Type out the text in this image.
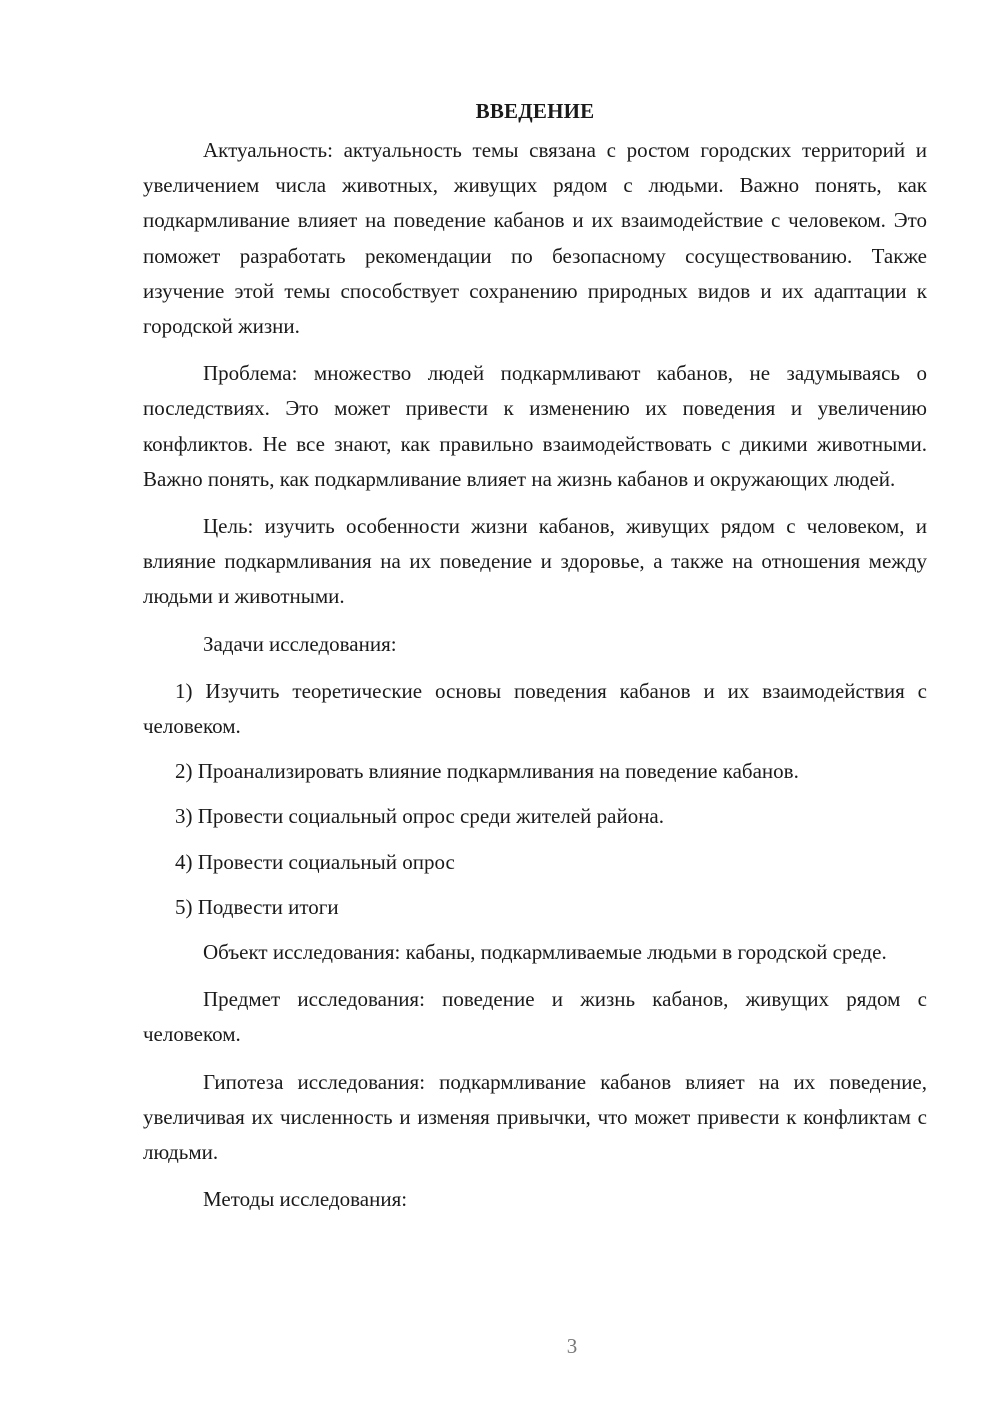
ВВЕДЕНИЕ

Актуальность: актуальность темы связана с ростом городских территорий и увеличением числа животных, живущих рядом с людьми. Важно понять, как подкармливание влияет на поведение кабанов и их взаимодействие с человеком. Это поможет разработать рекомендации по безопасному сосуществованию. Также изучение этой темы способствует сохранению природных видов и их адаптации к городской жизни.

Проблема: множество людей подкармливают кабанов, не задумываясь о последствиях. Это может привести к изменению их поведения и увеличению конфликтов. Не все знают, как правильно взаимодействовать с дикими животными. Важно понять, как подкармливание влияет на жизнь кабанов и окружающих людей.

Цель: изучить особенности жизни кабанов, живущих рядом с человеком, и влияние подкармливания на их поведение и здоровье, а также на отношения между людьми и животными.

Задачи исследования:

1) Изучить теоретические основы поведения кабанов и их взаимодействия с человеком.

2) Проанализировать влияние подкармливания на поведение кабанов.

3) Провести социальный опрос среди жителей района.

4) Провести социальный опрос

5) Подвести итоги

Объект исследования: кабаны, подкармливаемые людьми в городской среде.

Предмет исследования: поведение и жизнь кабанов, живущих рядом с человеком.

Гипотеза исследования: подкармливание кабанов влияет на их поведение, увеличивая их численность и изменяя привычки, что может привести к конфликтам с людьми.

Методы исследования:

3
